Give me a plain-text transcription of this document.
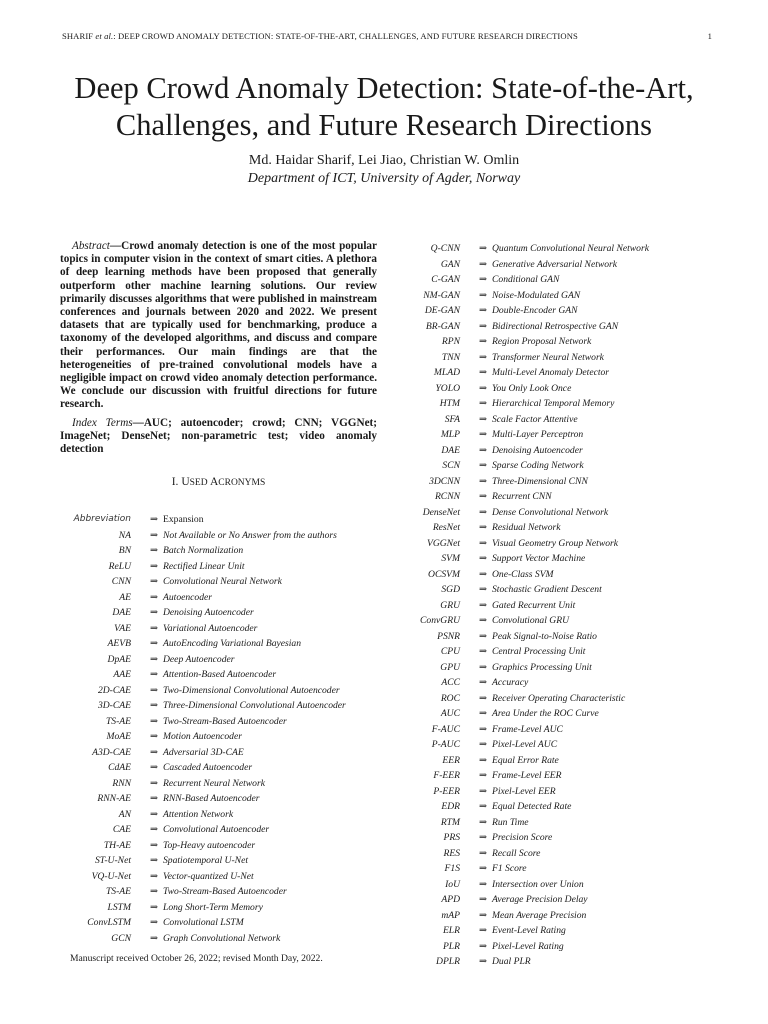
SHARIF et al.: DEEP CROWD ANOMALY DETECTION: STATE-OF-THE-ART, CHALLENGES, AND FUTURE RESEARCH DIRECTIONS	1
Deep Crowd Anomaly Detection: State-of-the-Art,
Challenges, and Future Research Directions
Md. Haidar Sharif, Lei Jiao, Christian W. Omlin
Department of ICT, University of Agder, Norway

Abstract—Crowd anomaly detection is one of the most popular topics in computer vision in the context of smart cities. A plethora of deep learning methods have been proposed that generally outperform other machine learning solutions. Our review primarily discusses algorithms that were published in mainstream conferences and journals between 2020 and 2022. We present datasets that are typically used for benchmarking, produce a taxonomy of the developed algorithms, and discuss and compare their performances. Our main findings are that the heterogeneities of pre-trained convolutional models have a negligible impact on crowd video anomaly detection performance. We conclude our discussion with fruitful directions for future research.

Index Terms—AUC; autoencoder; crowd; CNN; VGGNet; ImageNet; DenseNet; non-parametric test; video anomaly detection

I. USED ACRONYMS
Abbreviation	⇒ Expansion
NA	⇒ Not Available or No Answer from the authors
BN	⇒ Batch Normalization
ReLU	⇒ Rectified Linear Unit
CNN	⇒ Convolutional Neural Network
AE	⇒ Autoencoder
DAE	⇒ Denoising Autoencoder
VAE	⇒ Variational Autoencoder
AEVB	⇒ AutoEncoding Variational Bayesian
DpAE	⇒ Deep Autoencoder
AAE	⇒ Attention-Based Autoencoder
2D-CAE	⇒ Two-Dimensional Convolutional Autoencoder
3D-CAE	⇒ Three-Dimensional Convolutional Autoencoder
TS-AE	⇒ Two-Stream-Based Autoencoder
MoAE	⇒ Motion Autoencoder
A3D-CAE	⇒ Adversarial 3D-CAE
CdAE	⇒ Cascaded Autoencoder
RNN	⇒ Recurrent Neural Network
RNN-AE	⇒ RNN-Based Autoencoder
AN	⇒ Attention Network
CAE	⇒ Convolutional Autoencoder
TH-AE	⇒ Top-Heavy autoencoder
ST-U-Net	⇒ Spatiotemporal U-Net
VQ-U-Net	⇒ Vector-quantized U-Net
TS-AE	⇒ Two-Stream-Based Autoencoder
LSTM	⇒ Long Short-Term Memory
ConvLSTM	⇒ Convolutional LSTM
GCN	⇒ Graph Convolutional Network
Q-CNN	⇒ Quantum Convolutional Neural Network
GAN	⇒ Generative Adversarial Network
C-GAN	⇒ Conditional GAN
NM-GAN	⇒ Noise-Modulated GAN
DE-GAN	⇒ Double-Encoder GAN
BR-GAN	⇒ Bidirectional Retrospective GAN
RPN	⇒ Region Proposal Network
TNN	⇒ Transformer Neural Network
MLAD	⇒ Multi-Level Anomaly Detector
YOLO	⇒ You Only Look Once
HTM	⇒ Hierarchical Temporal Memory
SFA	⇒ Scale Factor Attentive
MLP	⇒ Multi-Layer Perceptron
DAE	⇒ Denoising Autoencoder
SCN	⇒ Sparse Coding Network
3DCNN	⇒ Three-Dimensional CNN
RCNN	⇒ Recurrent CNN
DenseNet	⇒ Dense Convolutional Network
ResNet	⇒ Residual Network
VGGNet	⇒ Visual Geometry Group Network
SVM	⇒ Support Vector Machine
OCSVM	⇒ One-Class SVM
SGD	⇒ Stochastic Gradient Descent
GRU	⇒ Gated Recurrent Unit
ConvGRU	⇒ Convolutional GRU
PSNR	⇒ Peak Signal-to-Noise Ratio
CPU	⇒ Central Processing Unit
GPU	⇒ Graphics Processing Unit
ACC	⇒ Accuracy
ROC	⇒ Receiver Operating Characteristic
AUC	⇒ Area Under the ROC Curve
F-AUC	⇒ Frame-Level AUC
P-AUC	⇒ Pixel-Level AUC
EER	⇒ Equal Error Rate
F-EER	⇒ Frame-Level EER
P-EER	⇒ Pixel-Level EER
EDR	⇒ Equal Detected Rate
RTM	⇒ Run Time
PRS	⇒ Precision Score
RES	⇒ Recall Score
F1S	⇒ F1 Score
IoU	⇒ Intersection over Union
APD	⇒ Average Precision Delay
mAP	⇒ Mean Average Precision
ELR	⇒ Event-Level Rating
PLR	⇒ Pixel-Level Rating
DPLR	⇒ Dual PLR
Manuscript received October 26, 2022; revised Month Day, 2022.
